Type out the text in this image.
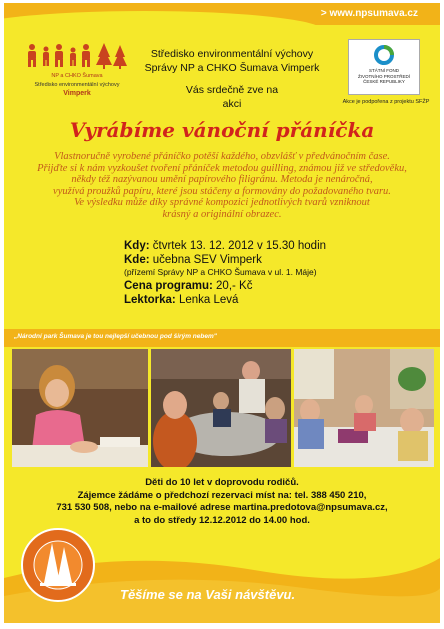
> www.npsumava.cz
NP a CHKO Šumava
Středisko environmentální výchovy
Vimperk
Středisko environmentální výchovy
Správy NP a CHKO Šumava Vimperk
Vás srdečně zve na
akci
STÁTNÍ FOND
ŽIVOTNÍHO PROSTŘEDÍ
ČESKÉ REPUBLIKY
Akce je podpořena z projektu SFŽP
Vyrábíme vánoční přáníčka
Vlastnoručně vyrobené přáníčko potěší každého, obzvlášť v předvánočním čase.
Přijďte si k nám vyzkoušet tvoření přáníček metodou guilling, známou již ve středověku,
někdy též nazývanou umění papírového filigránu. Metoda je nenáročná,
využívá proužků papíru, které jsou stáčeny a formovány do požadovaného tvaru.
Ve výsledku může díky správné kompozici jednotlivých tvarů vzniknout
krásný a originální obrazec.
Kdy: čtvrtek 13. 12. 2012 v 15.30 hodin
Kde: učebna SEV Vimperk
(přízemí Správy NP a CHKO Šumava v ul. 1. Máje)
Cena programu: 20,- Kč
Lektorka: Lenka Levá
„Národní park Šumava je tou nejlepší učebnou pod širým nebem"
Děti do 10 let v doprovodu rodičů.
Zájemce žádáme o předchozí rezervaci míst na: tel. 388 450 210,
731 530 508, nebo na e-mailové adrese martina.predotova@npsumava.cz,
a to do středy 12.12.2012 do 14.00 hod.
Těšíme se na Vaši návštěvu.
